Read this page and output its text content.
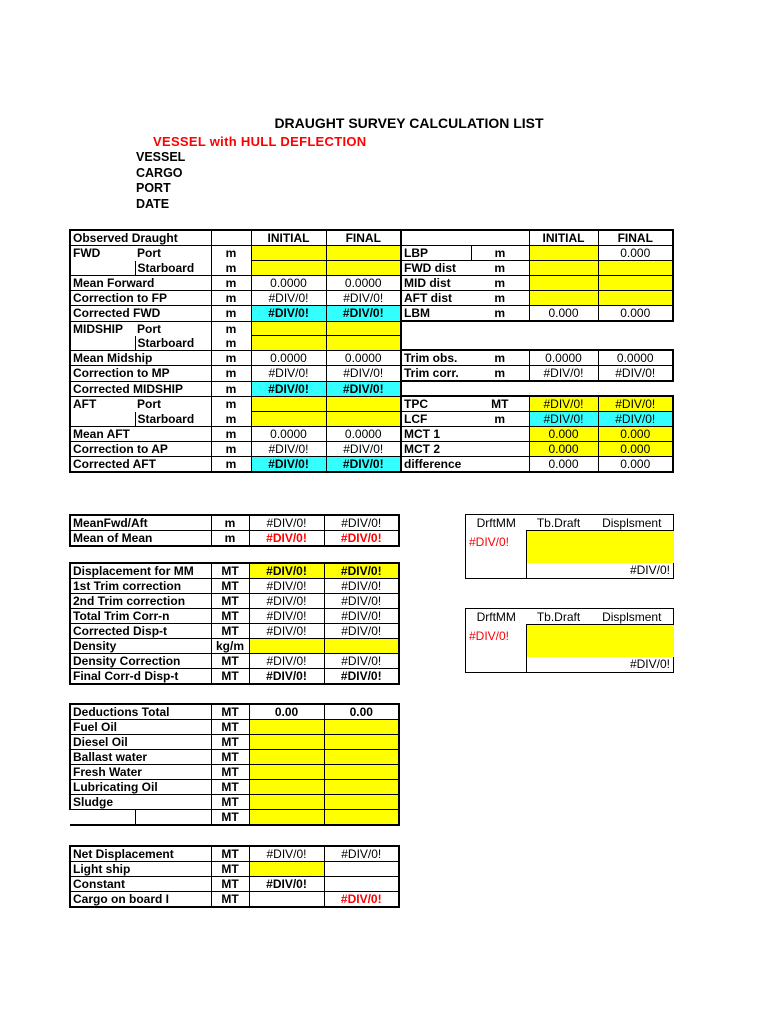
DRAUGHT SURVEY CALCULATION LIST
VESSEL with HULL DEFLECTION
VESSEL
CARGO
PORT
DATE
Observed Draught			INITIAL	FINAL			INITIAL	FINAL
FWD	Port	m			LBP	m		0.000
	Starboard	m			FWD dist	m		
Mean Forward		m	0.0000	0.0000	MID dist	m		
Correction to FP		m	#DIV/0!	#DIV/0!	AFT dist	m		
Corrected FWD		m	#DIV/0!	#DIV/0!	LBM	m	0.000	0.000
MIDSHIP	Port	m						
	Starboard	m						
Mean Midship		m	0.0000	0.0000	Trim obs.	m	0.0000	0.0000
Correction to MP		m	#DIV/0!	#DIV/0!	Trim corr.	m	#DIV/0!	#DIV/0!
Corrected MIDSHIP		m	#DIV/0!	#DIV/0!				
AFT	Port	m			TPC	MT	#DIV/0!	#DIV/0!
	Starboard	m			LCF	m	#DIV/0!	#DIV/0!
Mean AFT		m	0.0000	0.0000	MCT 1		0.000	0.000
Correction to AP		m	#DIV/0!	#DIV/0!	MCT 2		0.000	0.000
Corrected AFT		m	#DIV/0!	#DIV/0!	difference		0.000	0.000
MeanFwd/Aft	m	#DIV/0!	#DIV/0!
Mean of Mean	m	#DIV/0!	#DIV/0!
Displacement for MM	MT	#DIV/0!	#DIV/0!
1st Trim correction	MT	#DIV/0!	#DIV/0!
2nd Trim correction	MT	#DIV/0!	#DIV/0!
Total Trim Corr-n	MT	#DIV/0!	#DIV/0!
Corrected Disp-t	MT	#DIV/0!	#DIV/0!
Density	kg/m		
Density Correction	MT	#DIV/0!	#DIV/0!
Final Corr-d Disp-t	MT	#DIV/0!	#DIV/0!
Deductions Total		MT	0.00	0.00
Fuel Oil		MT		
Diesel Oil		MT		
Ballast water		MT		
Fresh Water		MT		
Lubricating Oil		MT		
Sludge		MT		
		MT		
Net Displacement	MT	#DIV/0!	#DIV/0!
Light ship	MT		
Constant	MT	#DIV/0!	
Cargo on board I	MT		#DIV/0!
DrftMM	Tb.Draft	Displsment
#DIV/0!		

		#DIV/0!
DrftMM	Tb.Draft	Displsment
#DIV/0!		

		#DIV/0!
